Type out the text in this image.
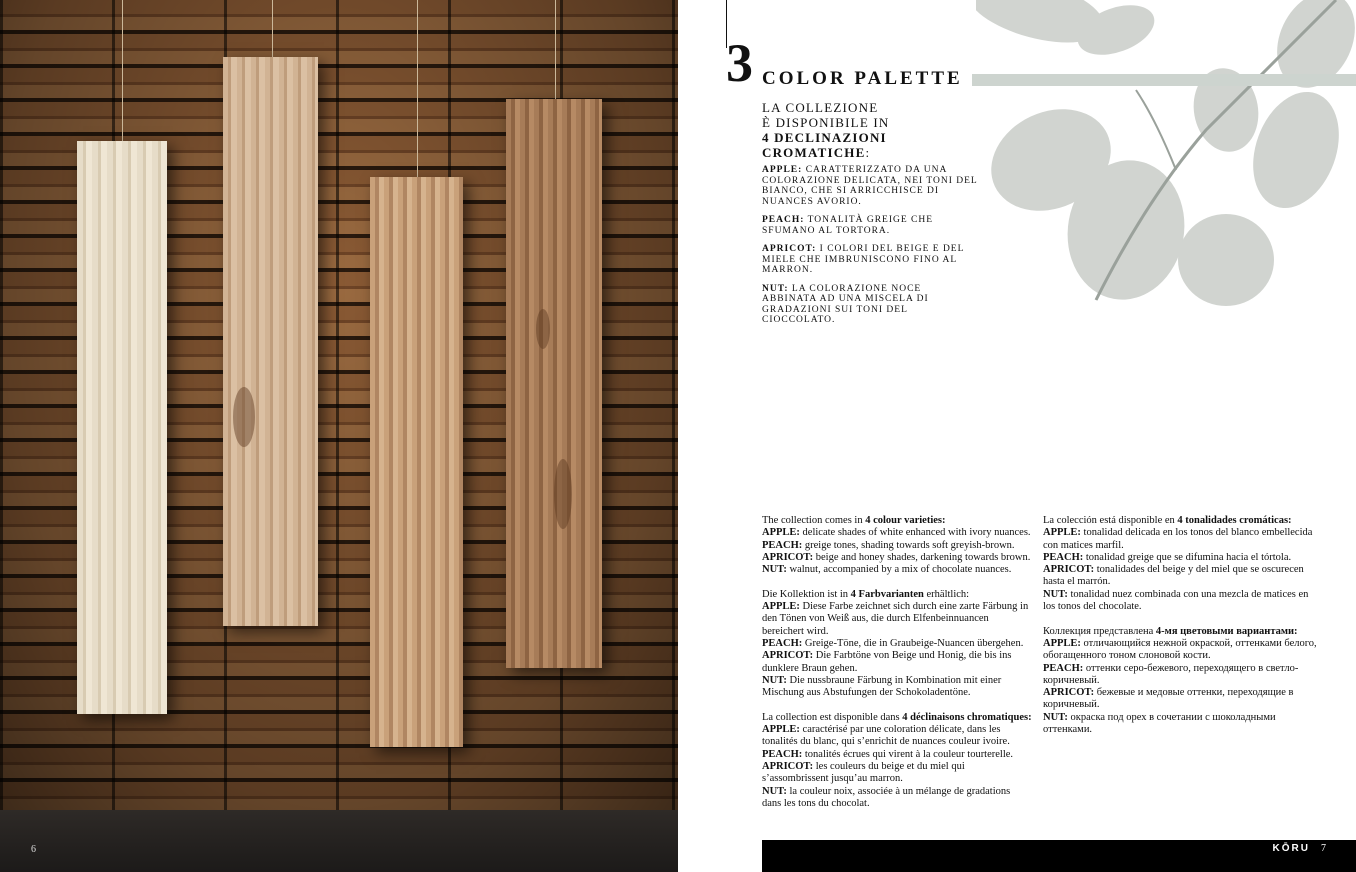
6
3 COLOR PALETTE
LA COLLEZIONE
È DISPONIBILE IN
4 DECLINAZIONI
CROMATICHE:

APPLE: CARATTERIZZATO DA UNA COLORAZIONE DELICATA, NEI TONI DEL BIANCO, CHE SI ARRICCHISCE DI NUANCES AVORIO.

PEACH: TONALITÀ GREIGE CHE SFUMANO AL TORTORA.

APRICOT: I COLORI DEL BEIGE E DEL MIELE CHE IMBRUNISCONO FINO AL MARRON.

NUT: LA COLORAZIONE NOCE ABBINATA AD UNA MISCELA DI GRADAZIONI SUI TONI DEL CIOCCOLATO.

The collection comes in 4 colour varieties:
APPLE: delicate shades of white enhanced with ivory nuances.
PEACH: greige tones, shading towards soft greyish-brown.
APRICOT: beige and honey shades, darkening towards brown.
NUT: walnut, accompanied by a mix of chocolate nuances.

Die Kollektion ist in 4 Farbvarianten erhältlich:
APPLE: Diese Farbe zeichnet sich durch eine zarte Färbung in den Tönen von Weiß aus, die durch Elfenbeinnuancen bereichert wird.
PEACH: Greige-Töne, die in Graubeige-Nuancen übergehen.
APRICOT: Die Farbtöne von Beige und Honig, die bis ins dunklere Braun gehen.
NUT: Die nussbraune Färbung in Kombination mit einer Mischung aus Abstufungen der Schokoladentöne.

La collection est disponible dans 4 déclinaisons chromatiques:
APPLE: caractérisé par une coloration délicate, dans les tonalités du blanc, qui s’enrichit de nuances couleur ivoire.
PEACH: tonalités écrues qui virent à la couleur tourterelle.
APRICOT: les couleurs du beige et du miel qui s’assombrissent jusqu’au marron.
NUT: la couleur noix, associée à un mélange de gradations dans les tons du chocolat.

La colección está disponible en 4 tonalidades cromáticas:
APPLE: tonalidad delicada en los tonos del blanco embellecida con matices marfil.
PEACH: tonalidad greige que se difumina hacia el tórtola.
APRICOT: tonalidades del beige y del miel que se oscurecen hasta el marrón.
NUT: tonalidad nuez combinada con una mezcla de matices en los tonos del chocolate.

Коллекция представлена 4-мя цветовыми вариантами:
APPLE: отличающийся нежной окраской, оттенками белого, обогащенного тоном слоновой кости.
PEACH: оттенки серо-бежевого, переходящего в светло-коричневый.
APRICOT: бежевые и медовые оттенки, переходящие в коричневый.
NUT: окраска под орех в сочетании с шоколадными оттенками.

KŌRU 7
